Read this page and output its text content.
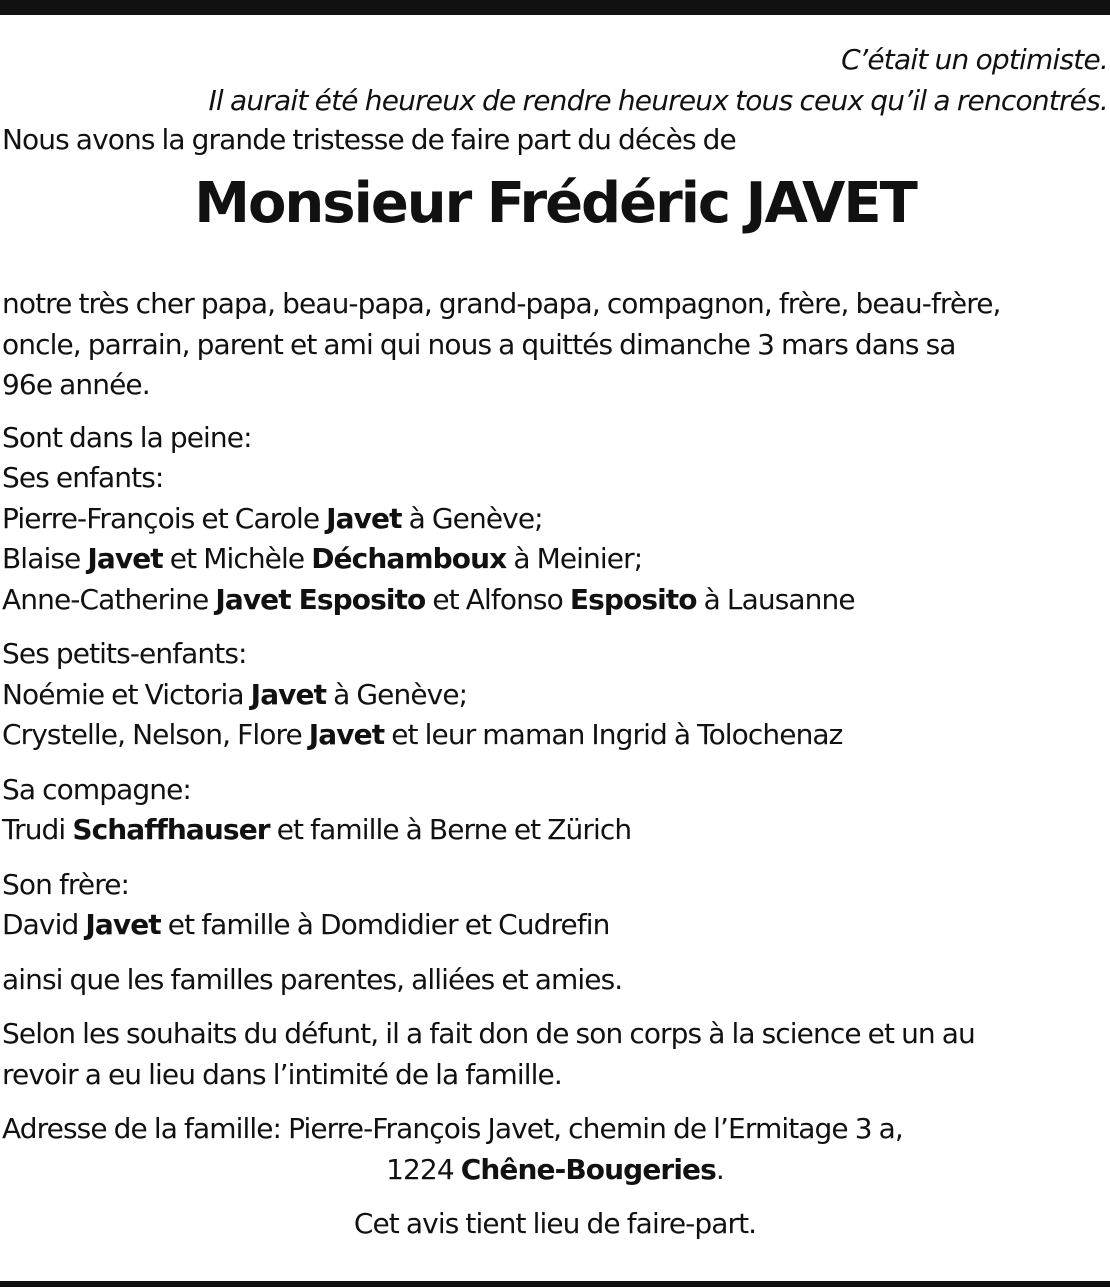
C’était un optimiste.
Il aurait été heureux de rendre heureux tous ceux qu’il a rencontrés.

Nous avons la grande tristesse de faire part du décès de

Monsieur Frédéric JAVET
notre très cher papa, beau-papa, grand-papa, compagnon, frère, beau-frère,
oncle, parrain, parent et ami qui nous a quittés dimanche 3 mars dans sa
96e année.
Sont dans la peine:
Ses enfants:
Pierre-François et Carole Javet à Genève;
Blaise Javet et Michèle Déchamboux à Meinier;
Anne-Catherine Javet Esposito et Alfonso Esposito à Lausanne
Ses petits-enfants:
Noémie et Victoria Javet à Genève;
Crystelle, Nelson, Flore Javet et leur maman Ingrid à Tolochenaz
Sa compagne:
Trudi Schaffhauser et famille à Berne et Zürich
Son frère:
David Javet et famille à Domdidier et Cudrefin

ainsi que les familles parentes, alliées et amies.

Selon les souhaits du défunt, il a fait don de son corps à la science et un au
revoir a eu lieu dans l’intimité de la famille.
Adresse de la famille: Pierre-François Javet, chemin de l’Ermitage 3 a,
1224 Chêne-Bougeries.

Cet avis tient lieu de faire-part.
